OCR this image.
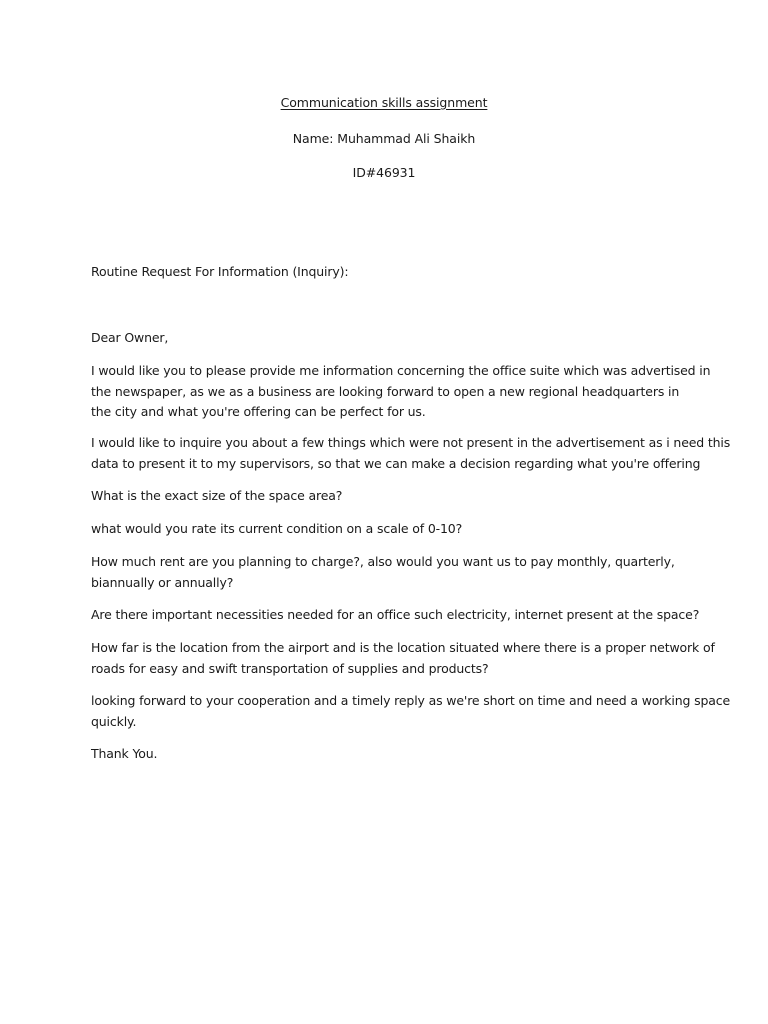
Communication skills assignment
Name: Muhammad Ali Shaikh
ID#46931

Routine Request For Information (Inquiry):

Dear Owner,

I would like you to please provide me information concerning the office suite which was advertised in
the newspaper, as we as a business are looking forward to open a new regional headquarters in
the city and what you're offering can be perfect for us.

I would like to inquire you about a few things which were not present in the advertisement as i need this
data to present it to my supervisors, so that we can make a decision regarding what you're offering

What is the exact size of the space area?

what would you rate its current condition on a scale of 0-10?

How much rent are you planning to charge?, also would you want us to pay monthly, quarterly,
biannually or annually?

Are there important necessities needed for an office such electricity, internet present at the space?

How far is the location from the airport and is the location situated where there is a proper network of
roads for easy and swift transportation of supplies and products?

looking forward to your cooperation and a timely reply as we're short on time and need a working space
quickly.

Thank You.
